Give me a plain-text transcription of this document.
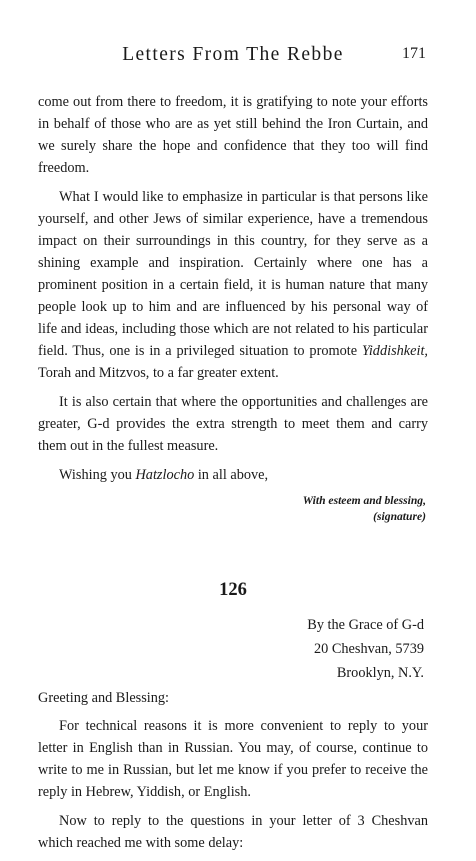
Letters From The Rebbe	171

come out from there to freedom, it is gratifying to note your efforts in behalf of those who are as yet still behind the Iron Curtain, and we surely share the hope and confidence that they too will find freedom.

What I would like to emphasize in particular is that persons like yourself, and other Jews of similar experience, have a tremendous impact on their surroundings in this country, for they serve as a shining example and inspiration. Certainly where one has a prominent position in a certain field, it is human nature that many people look up to him and are influenced by his personal way of life and ideas, including those which are not related to his particular field. Thus, one is in a privileged situation to promote Yiddishkeit, Torah and Mitzvos, to a far greater extent.

It is also certain that where the opportunities and challenges are greater, G-d provides the extra strength to meet them and carry them out in the fullest measure.

Wishing you Hatzlocho in all above,

With esteem and blessing,
(signature)
126
By the Grace of G-d
20 Cheshvan, 5739
Brooklyn, N.Y.

Greeting and Blessing:

For technical reasons it is more convenient to reply to your letter in English than in Russian. You may, of course, continue to write to me in Russian, but let me know if you prefer to receive the reply in Hebrew, Yiddish, or English.

Now to reply to the questions in your letter of 3 Cheshvan which reached me with some delay:
